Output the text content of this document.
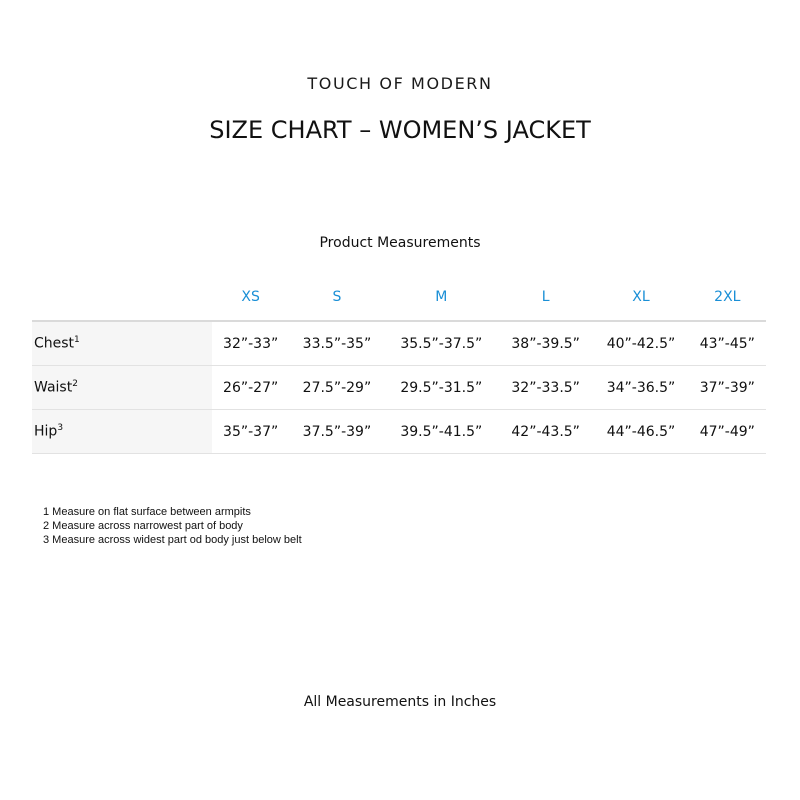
TOUCH OF MODERN
SIZE CHART – WOMEN’S JACKET
Product Measurements
	XS	S	M	L	XL	2XL
Chest$^1$	32”-33”	33.5”-35”	35.5”-37.5”	38”-39.5”	40”-42.5”	43”-45”
Waist$^2$	26”-27”	27.5”-29”	29.5”-31.5”	32”-33.5”	34”-36.5”	37”-39”
Hip$^3$	35”-37”	37.5”-39”	39.5”-41.5”	42”-43.5”	44”-46.5”	47”-49”
1 Measure on flat surface between armpits
2 Measure across narrowest part of body
3 Measure across widest part od body just below belt
All Measurements in Inches
